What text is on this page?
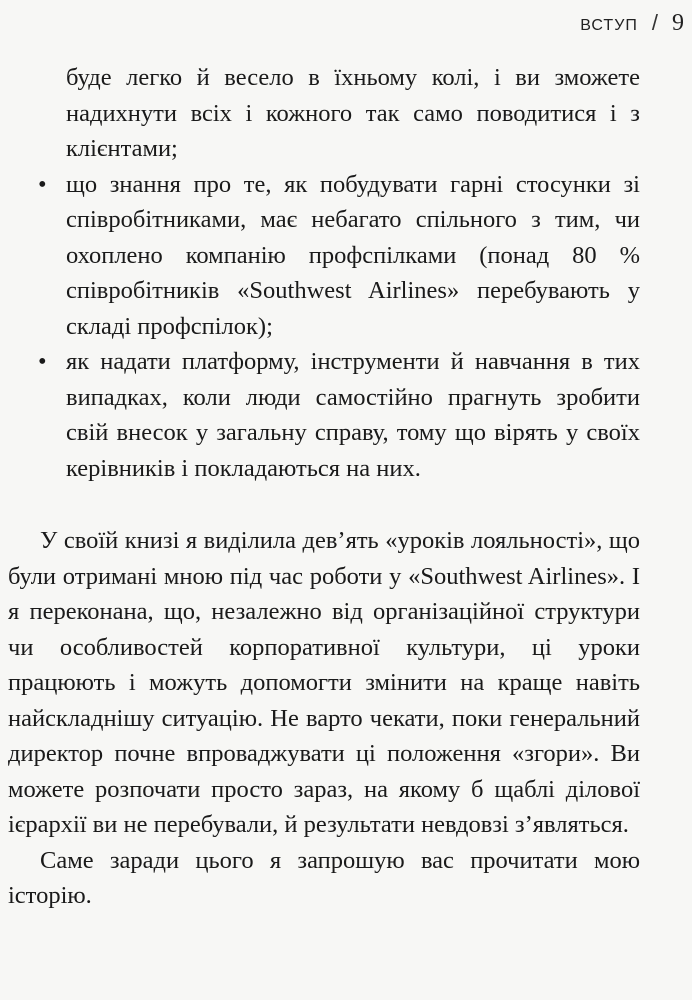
ВСТУП / 9
буде легко й весело в їхньому колі, і ви зможете надихнути всіх і кожного так само поводитися і з клієнтами;
• що знання про те, як побудувати гарні стосунки зі співробітниками, має небагато спільного з тим, чи охоплено компанію профспілками (понад 80 % співробітників «Southwest Airlines» перебувають у складі профспілок);
• як надати платформу, інструменти й навчання в тих випадках, коли люди самостійно прагнуть зробити свій внесок у загальну справу, тому що вірять у своїх керівників і покладаються на них.

У своїй книзі я виділила дев’ять «уроків лояльності», що були отримані мною під час роботи у «Southwest Airlines». І я переконана, що, незалежно від організаційної структури чи особливостей корпоративної культури, ці уроки працюють і можуть допомогти змінити на краще навіть найскладнішу ситуацію. Не варто чекати, поки генеральний директор почне впроваджувати ці положення «згори». Ви можете розпочати просто зараз, на якому б щаблі ділової ієрархії ви не перебували, й результати невдовзі з’являться.

Саме заради цього я запрошую вас прочитати мою історію.
